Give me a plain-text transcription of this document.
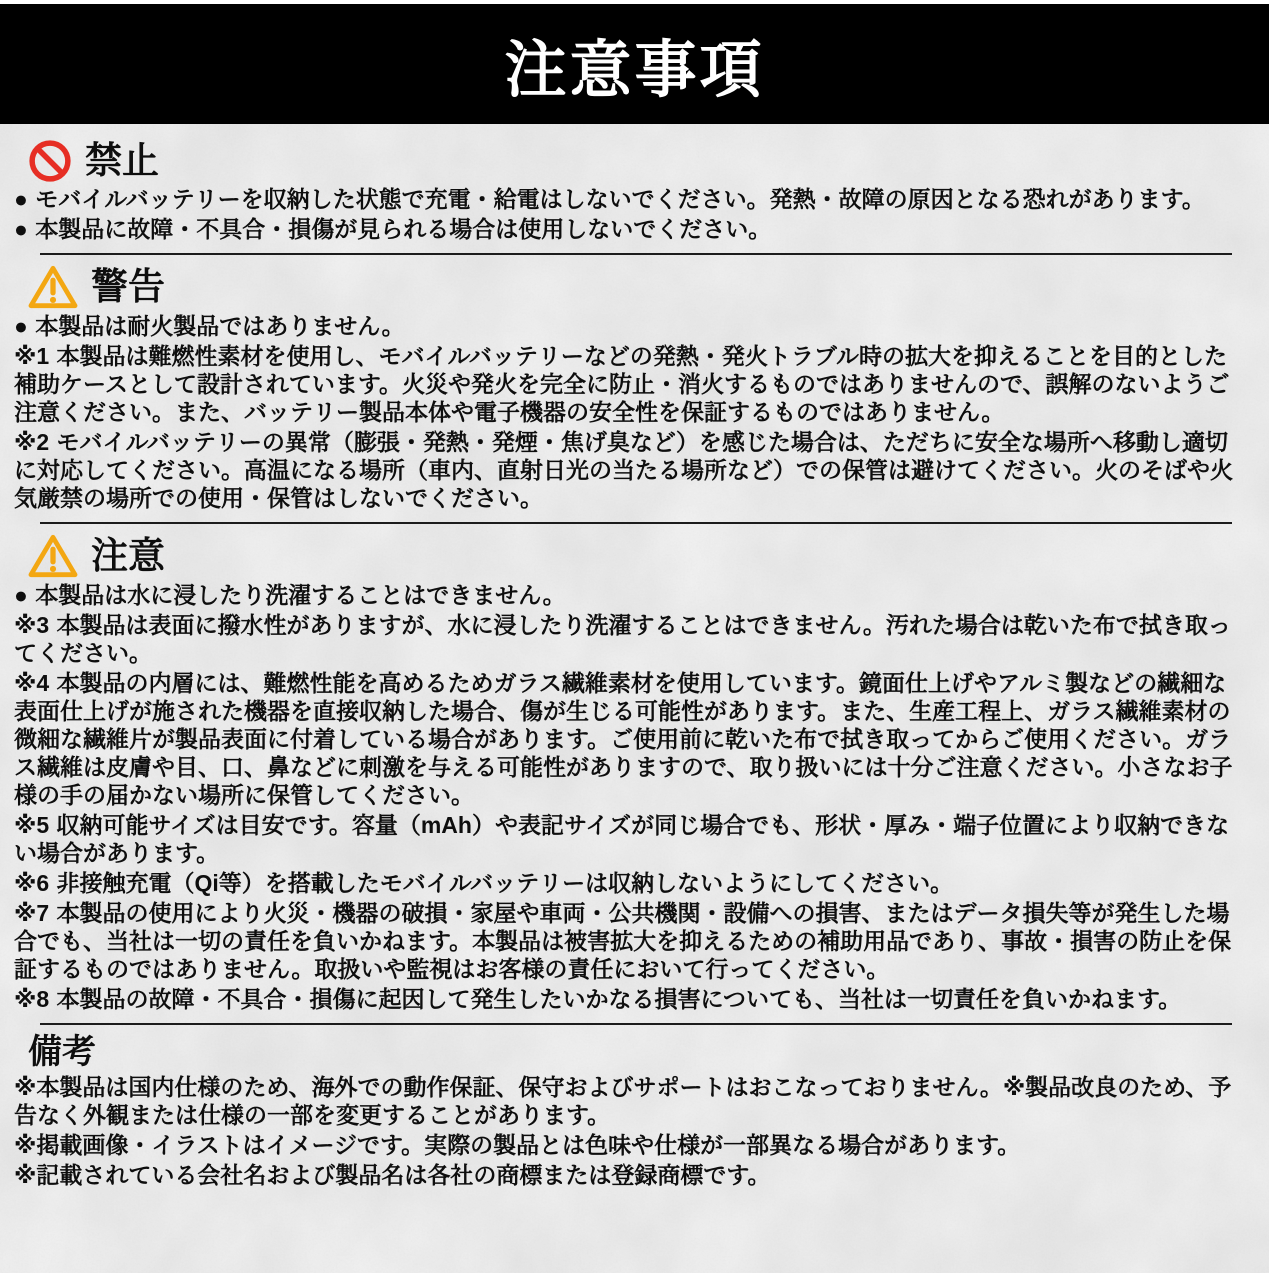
注意事項
禁止

● モバイルバッテリーを収納した状態で充電・給電はしないでください。発熱・故障の原因となる恐れがあります。

● 本製品に故障・不具合・損傷が見られる場合は使用しないでください。

警告

● 本製品は耐火製品ではありません。

※1 本製品は難燃性素材を使用し、モバイルバッテリーなどの発熱・発火トラブル時の拡大を抑えることを目的とした補助ケースとして設計されています。火災や発火を完全に防止・消火するものではありませんので、誤解のないようご注意ください。また、バッテリー製品本体や電子機器の安全性を保証するものではありません。

※2 モバイルバッテリーの異常（膨張・発熱・発煙・焦げ臭など）を感じた場合は、ただちに安全な場所へ移動し適切に対応してください。高温になる場所（車内、直射日光の当たる場所など）での保管は避けてください。火のそばや火気厳禁の場所での使用・保管はしないでください。

注意

● 本製品は水に浸したり洗濯することはできません。

※3 本製品は表面に撥水性がありますが、水に浸したり洗濯することはできません。汚れた場合は乾いた布で拭き取ってください。

※4 本製品の内層には、難燃性能を高めるためガラス繊維素材を使用しています。鏡面仕上げやアルミ製などの繊細な表面仕上げが施された機器を直接収納した場合、傷が生じる可能性があります。また、生産工程上、ガラス繊維素材の微細な繊維片が製品表面に付着している場合があります。ご使用前に乾いた布で拭き取ってからご使用ください。ガラス繊維は皮膚や目、口、鼻などに刺激を与える可能性がありますので、取り扱いには十分ご注意ください。小さなお子様の手の届かない場所に保管してください。

※5 収納可能サイズは目安です。容量（mAh）や表記サイズが同じ場合でも、形状・厚み・端子位置により収納できない場合があります。

※6 非接触充電（Qi等）を搭載したモバイルバッテリーは収納しないようにしてください。

※7 本製品の使用により火災・機器の破損・家屋や車両・公共機関・設備への損害、またはデータ損失等が発生した場合でも、当社は一切の責任を負いかねます。本製品は被害拡大を抑えるための補助用品であり、事故・損害の防止を保証するものではありません。取扱いや監視はお客様の責任において行ってください。

※8 本製品の故障・不具合・損傷に起因して発生したいかなる損害についても、当社は一切責任を負いかねます。

備考

※本製品は国内仕様のため、海外での動作保証、保守およびサポートはおこなっておりません。※製品改良のため、予告なく外観または仕様の一部を変更することがあります。

※掲載画像・イラストはイメージです。実際の製品とは色味や仕様が一部異なる場合があります。

※記載されている会社名および製品名は各社の商標または登録商標です。
